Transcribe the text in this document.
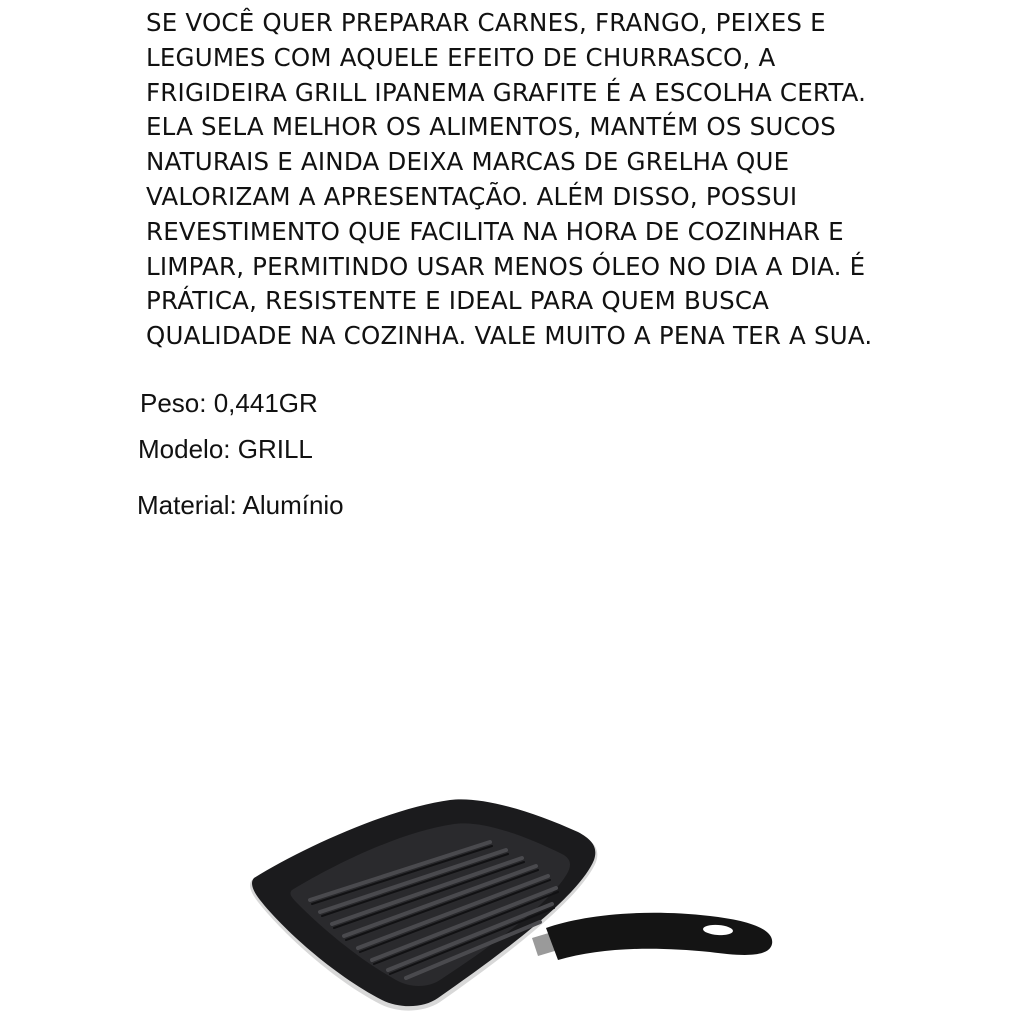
SE VOCÊ QUER PREPARAR CARNES, FRANGO, PEIXES E
LEGUMES COM AQUELE EFEITO DE CHURRASCO, A
FRIGIDEIRA GRILL IPANEMA GRAFITE É A ESCOLHA CERTA.
ELA SELA MELHOR OS ALIMENTOS, MANTÉM OS SUCOS
NATURAIS E AINDA DEIXA MARCAS DE GRELHA QUE
VALORIZAM A APRESENTAÇÃO. ALÉM DISSO, POSSUI
REVESTIMENTO QUE FACILITA NA HORA DE COZINHAR E
LIMPAR, PERMITINDO USAR MENOS ÓLEO NO DIA A DIA. É
PRÁTICA, RESISTENTE E IDEAL PARA QUEM BUSCA
QUALIDADE NA COZINHA. VALE MUITO A PENA TER A SUA.

Peso: 0,441GR

Modelo: GRILL

Material: Alumínio
